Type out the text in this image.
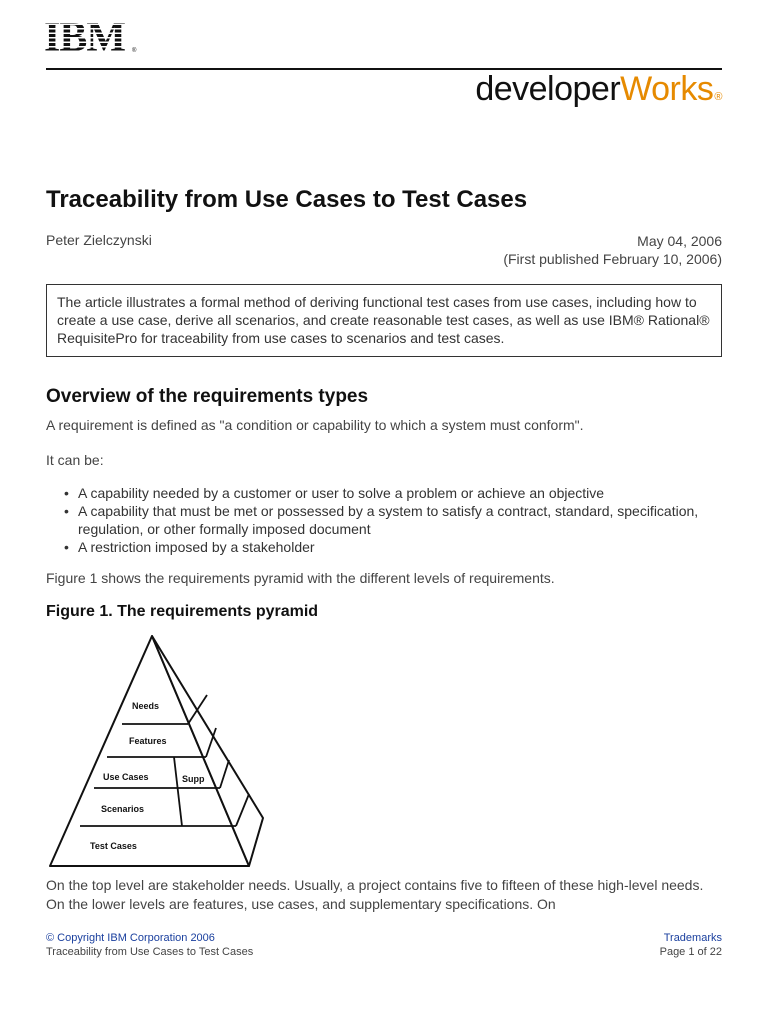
IBM ®
developerWorks®
Traceability from Use Cases to Test Cases
Peter Zielczynski	May 04, 2006
(First published February 10, 2006)
The article illustrates a formal method of deriving functional test cases from use cases, including how to create a use case, derive all scenarios, and create reasonable test cases, as well as use IBM® Rational® RequisitePro for traceability from use cases to scenarios and test cases.
Overview of the requirements types

A requirement is defined as "a condition or capability to which a system must conform".

It can be:

• A capability needed by a customer or user to solve a problem or achieve an objective
• A capability that must be met or possessed by a system to satisfy a contract, standard, specification, regulation, or other formally imposed document
• A restriction imposed by a stakeholder

Figure 1 shows the requirements pyramid with the different levels of requirements.

Figure 1. The requirements pyramid
Needs
Features
Use Cases	Supp
Scenarios
Test Cases

On the top level are stakeholder needs. Usually, a project contains five to fifteen of these high-level needs. On the lower levels are features, use cases, and supplementary specifications. On

© Copyright IBM Corporation 2006
Traceability from Use Cases to Test Cases
Trademarks
Page 1 of 22
